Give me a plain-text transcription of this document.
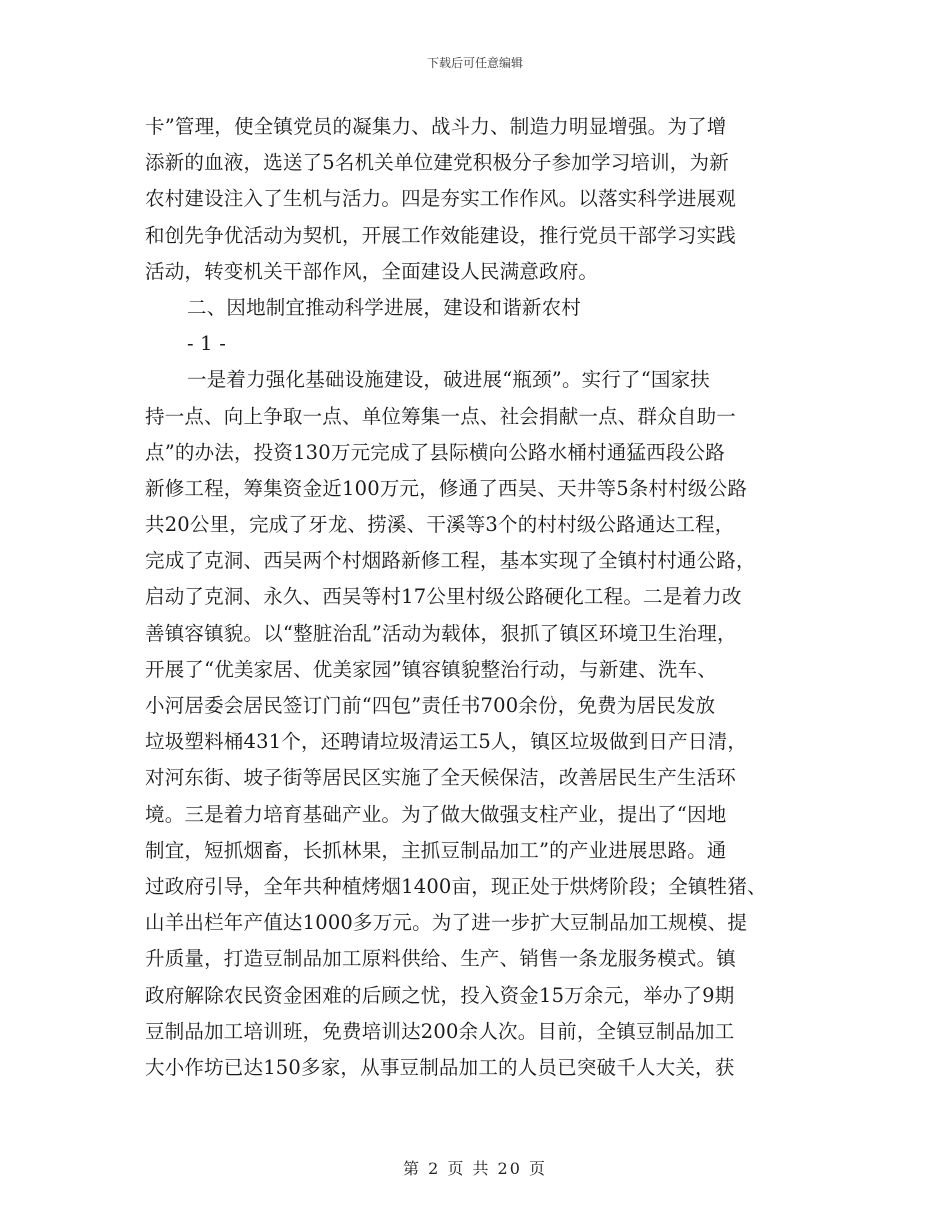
下载后可任意编辑
卡”管理，使全镇党员的凝集力、战斗力、制造力明显增强。为了增
添新的血液，选送了5名机关单位建党积极分子参加学习培训，为新
农村建设注入了生机与活力。四是夯实工作作风。以落实科学进展观
和创先争优活动为契机，开展工作效能建设，推行党员干部学习实践
活动，转变机关干部作风，全面建设人民满意政府。
二、因地制宜推动科学进展，建设和谐新农村
- 1 -
一是着力强化基础设施建设，破进展“瓶颈”。实行了“国家扶
持一点、向上争取一点、单位筹集一点、社会捐献一点、群众自助一
点”的办法，投资130万元完成了县际横向公路水桶村通猛西段公路
新修工程，筹集资金近100万元，修通了西吴、天井等5条村村级公路
共20公里，完成了牙龙、捞溪、干溪等3个的村村级公路通达工程，
完成了克洞、西吴两个村烟路新修工程，基本实现了全镇村村通公路，
启动了克洞、永久、西吴等村17公里村级公路硬化工程。二是着力改
善镇容镇貌。以“整脏治乱”活动为载体，狠抓了镇区环境卫生治理，
开展了“优美家居、优美家园”镇容镇貌整治行动，与新建、洗车、
小河居委会居民签订门前“四包”责任书700余份，免费为居民发放
垃圾塑料桶431个，还聘请垃圾清运工5人，镇区垃圾做到日产日清，
对河东街、坡子街等居民区实施了全天候保洁，改善居民生产生活环
境。三是着力培育基础产业。为了做大做强支柱产业，提出了“因地
制宜，短抓烟畜，长抓林果，主抓豆制品加工”的产业进展思路。通
过政府引导，全年共种植烤烟1400亩，现正处于烘烤阶段；全镇牲猪、
山羊出栏年产值达1000多万元。为了进一步扩大豆制品加工规模、提
升质量，打造豆制品加工原料供给、生产、销售一条龙服务模式。镇
政府解除农民资金困难的后顾之忧，投入资金15万余元，举办了9期
豆制品加工培训班，免费培训达200余人次。目前，全镇豆制品加工
大小作坊已达150多家，从事豆制品加工的人员已突破千人大关，获
第 2 页 共 20 页
